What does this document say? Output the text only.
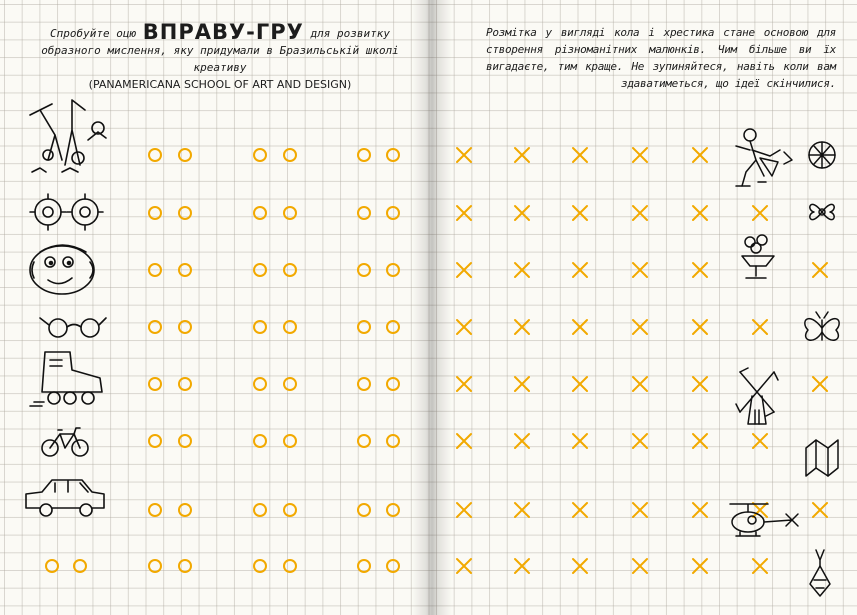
Спробуйте оцю ВПРАВУ-ГРУ для розвитку образного мислення, яку придумали в Бразильській школі креативу
(PANAMERICANA SCHOOL OF ART AND DESIGN)
Розмітка у вигляді кола і хрестика стане основою для створення різноманітних малюнків. Чим більше ви їх вигадаєте, тим краще. Не зупиняйтеся, навіть коли вам здаватиметься, що ідеї скінчилися.
